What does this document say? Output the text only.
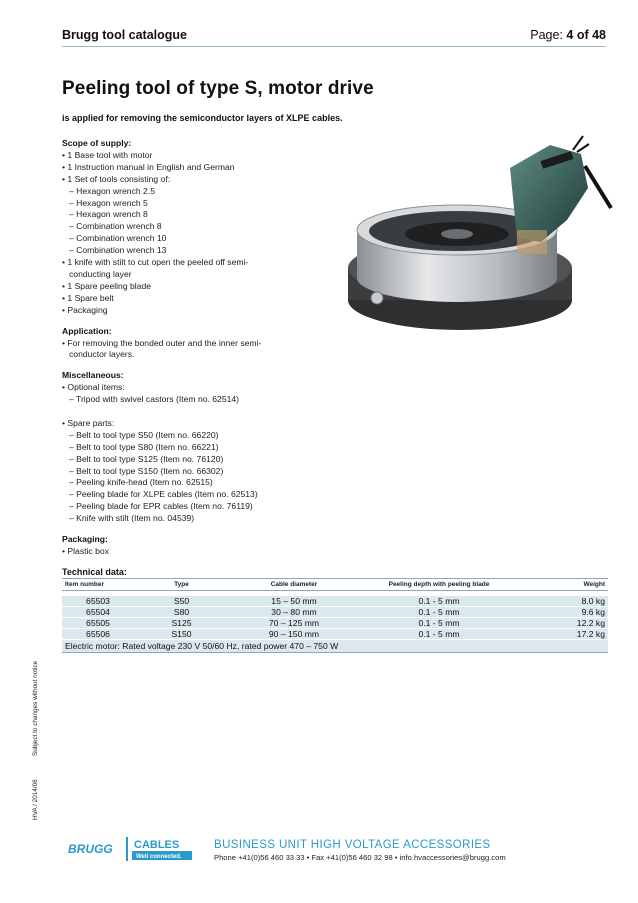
Brugg tool catalogue	Page: 4 of 48
Peeling tool of type S, motor drive
is applied for removing the semiconductor layers of XLPE cables.
Scope of supply:
• 1 Base tool with motor
• 1 Instruction manual in English and German
• 1 Set of tools consisting of:
– Hexagon wrench 2.5
– Hexagon wrench 5
– Hexagon wrench 8
– Combination wrench 8
– Combination wrench 10
– Combination wrench 13
• 1 knife with stilt to cut open the peeled off semi-
conducting layer
• 1 Spare peeling blade
• 1 Spare belt
• Packaging
Application:
• For removing the bonded outer and the inner semi-
conductor layers.
Miscellaneous:
• Optional items:
– Tripod with swivel castors (Item no. 62514)
• Spare parts:
– Belt to tool type S50 (Item no. 66220)
– Belt to tool type S80 (Item no. 66221)
– Belt to tool type S125 (Item no. 76120)
– Belt to tool type S150 (Item no. 66302)
– Peeling knife-head (Item no. 62515)
– Peeling blade for XLPE cables (Item no. 62513)
– Peeling blade for EPR cables (Item no. 76119)
– Knife with stilt (Item no. 04539)
Packaging:
• Plastic box
Technical data:
Item number	Type	Cable diameter	Peeling depth with peeling blade	Weight

65503	S50	15 – 50 mm	0.1 - 5 mm	8.0 kg
65504	S80	30 – 80 mm	0.1 - 5 mm	9.6 kg
65505	S125	70 – 125 mm	0.1 - 5 mm	12.2 kg
65506	S150	90 – 150 mm	0.1 - 5 mm	17.2 kg
Electric motor: Rated voltage 230 V 50/60 Hz, rated power 470 – 750 W				
HVA / 2014/08
Subject to changes without notice
BRUGG CABLES
Well connected.
BUSINESS UNIT HIGH VOLTAGE ACCESSORIES
Phone +41(0)56 460 33 33 • Fax +41(0)56 460 32 98 • info.hvaccessories@brugg.com
